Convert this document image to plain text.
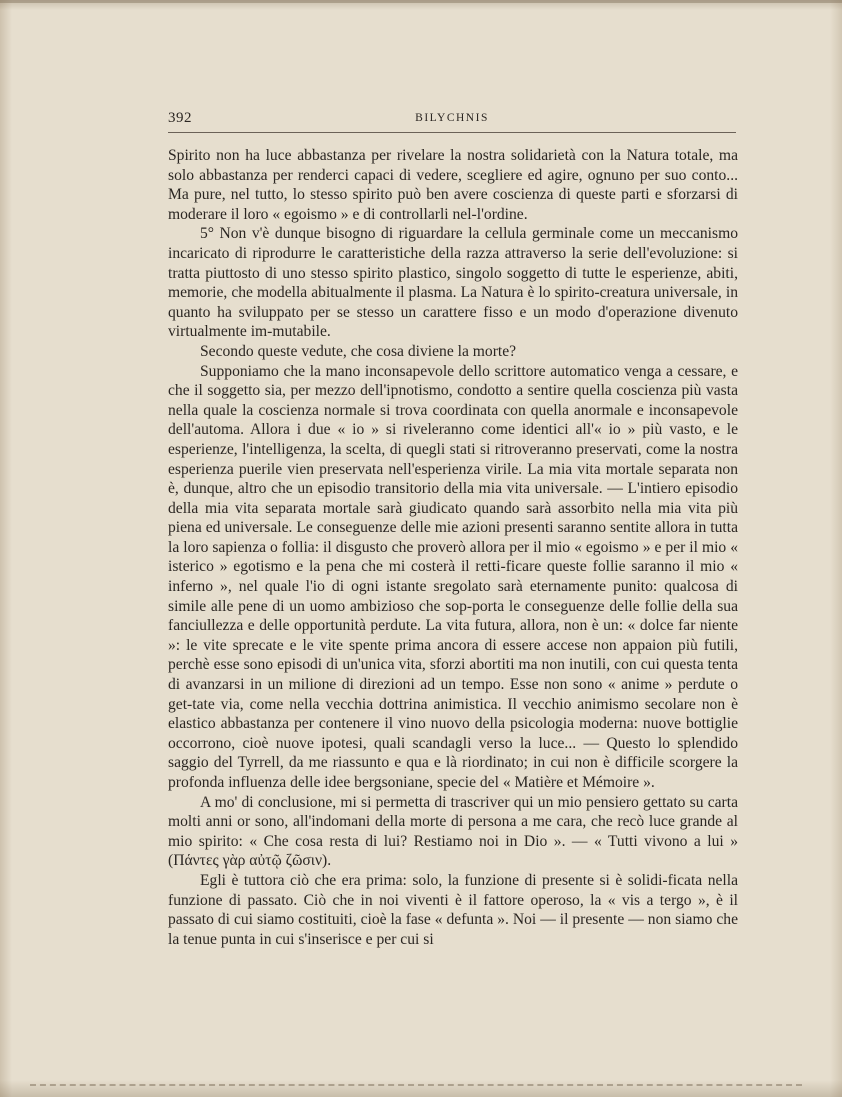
392	BILYCHNIS

Spirito non ha luce abbastanza per rivelare la nostra solidarietà con la Natura totale, ma solo abbastanza per renderci capaci di vedere, scegliere ed agire, ognuno per suo conto... Ma pure, nel tutto, lo stesso spirito può ben avere coscienza di queste parti e sforzarsi di moderare il loro « egoismo » e di controllarli nel-l'ordine.

5° Non v'è dunque bisogno di riguardare la cellula germinale come un meccanismo incaricato di riprodurre le caratteristiche della razza attraverso la serie dell'evoluzione: si tratta piuttosto di uno stesso spirito plastico, singolo soggetto di tutte le esperienze, abiti, memorie, che modella abitualmente il plasma. La Natura è lo spirito-creatura universale, in quanto ha sviluppato per se stesso un carattere fisso e un modo d'operazione divenuto virtualmente im-mutabile.

Secondo queste vedute, che cosa diviene la morte?

Supponiamo che la mano inconsapevole dello scrittore automatico venga a cessare, e che il soggetto sia, per mezzo dell'ipnotismo, condotto a sentire quella coscienza più vasta nella quale la coscienza normale si trova coordinata con quella anormale e inconsapevole dell'automa. Allora i due « io » si riveleranno come identici all'« io » più vasto, e le esperienze, l'intelligenza, la scelta, di quegli stati si ritroveranno preservati, come la nostra esperienza puerile vien preservata nell'esperienza virile. La mia vita mortale separata non è, dunque, altro che un episodio transitorio della mia vita universale. — L'intiero episodio della mia vita separata mortale sarà giudicato quando sarà assorbito nella mia vita più piena ed universale. Le conseguenze delle mie azioni presenti saranno sentite allora in tutta la loro sapienza o follia: il disgusto che proverò allora per il mio « egoismo » e per il mio « isterico » egotismo e la pena che mi costerà il retti-ficare queste follie saranno il mio « inferno », nel quale l'io di ogni istante sregolato sarà eternamente punito: qualcosa di simile alle pene di un uomo ambizioso che sop-porta le conseguenze delle follie della sua fanciullezza e delle opportunità perdute. La vita futura, allora, non è un: « dolce far niente »: le vite sprecate e le vite spente prima ancora di essere accese non appaion più futili, perchè esse sono episodi di un'unica vita, sforzi abortiti ma non inutili, con cui questa tenta di avanzarsi in un milione di direzioni ad un tempo. Esse non sono « anime » perdute o get-tate via, come nella vecchia dottrina animistica. Il vecchio animismo secolare non è elastico abbastanza per contenere il vino nuovo della psicologia moderna: nuove bottiglie occorrono, cioè nuove ipotesi, quali scandagli verso la luce... — Questo lo splendido saggio del Tyrrell, da me riassunto e qua e là riordinato; in cui non è difficile scorgere la profonda influenza delle idee bergsoniane, specie del « Matière et Mémoire ».

A mo' di conclusione, mi si permetta di trascriver qui un mio pensiero gettato su carta molti anni or sono, all'indomani della morte di persona a me cara, che recò luce grande al mio spirito: « Che cosa resta di lui? Restiamo noi in Dio ». — « Tutti vivono a lui » (Πάντες γὰρ αὐτῷ ζῶσιν).

Egli è tuttora ciò che era prima: solo, la funzione di presente si è solidi-ficata nella funzione di passato. Ciò che in noi viventi è il fattore operoso, la « vis a tergo », è il passato di cui siamo costituiti, cioè la fase « defunta ». Noi — il presente — non siamo che la tenue punta in cui s'inserisce e per cui si
